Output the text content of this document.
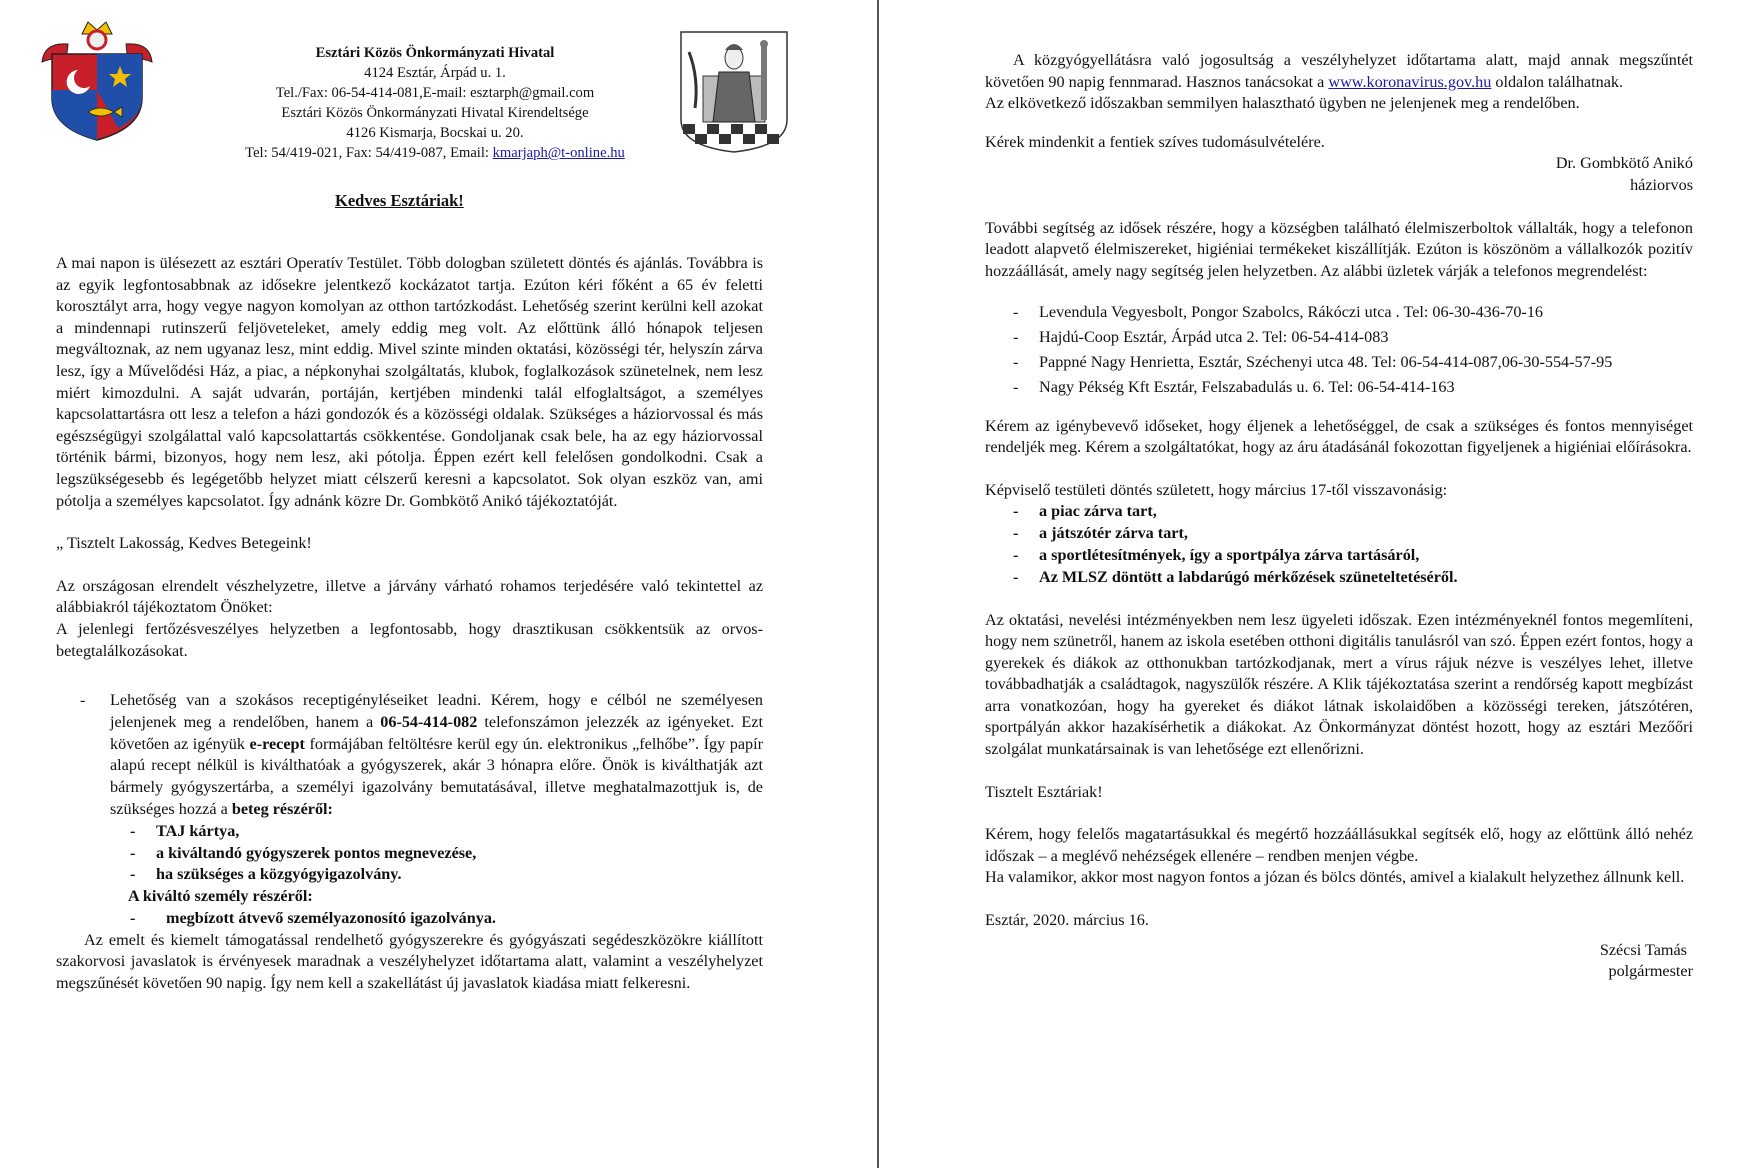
Esztári Közös Önkormányzati Hivatal
4124 Esztár, Árpád u. 1.
Tel./Fax: 06-54-414-081,E-mail: esztarph@gmail.com
Esztári Közös Önkormányzati Hivatal Kirendeltsége
4126 Kismarja, Bocskai u. 20.
Tel: 54/419-021, Fax: 54/419-087, Email: kmarjaph@t-online.hu
Kedves Esztáriak!

A mai napon is ülésezett az esztári Operatív Testület. Több dologban született döntés és ajánlás. Továbbra is az egyik legfontosabbnak az idősekre jelentkező kockázatot tartja. Ezúton kéri főként a 65 év feletti korosztályt arra, hogy vegye nagyon komolyan az otthon tartózkodást. Lehetőség szerint kerülni kell azokat a mindennapi rutinszerű feljöveteleket, amely eddig meg volt. Az előttünk álló hónapok teljesen megváltoznak, az nem ugyanaz lesz, mint eddig. Mivel szinte minden oktatási, közösségi tér, helyszín zárva lesz, így a Művelődési Ház, a piac, a népkonyhai szolgáltatás, klubok, foglalkozások szünetelnek, nem lesz miért kimozdulni. A saját udvarán, portáján, kertjében mindenki talál elfoglaltságot, a személyes kapcsolattartásra ott lesz a telefon a házi gondozók és a közösségi oldalak. Szükséges a háziorvossal és más egészségügyi szolgálattal való kapcsolattartás csökkentése. Gondoljanak csak bele, ha az egy háziorvossal történik bármi, bizonyos, hogy nem lesz, aki pótolja. Éppen ezért kell felelősen gondolkodni. Csak a legszükségesebb és legégetőbb helyzet miatt célszerű keresni a kapcsolatot. Sok olyan eszköz van, ami pótolja a személyes kapcsolatot. Így adnánk közre Dr. Gombkötő Anikó tájékoztatóját.

„ Tisztelt Lakosság, Kedves Betegeink!

Az országosan elrendelt vészhelyzetre, illetve a járvány várható rohamos terjedésére való tekintettel az alábbiakról tájékoztatom Önöket:

A jelenlegi fertőzésveszélyes helyzetben a legfontosabb, hogy drasztikusan csökkentsük az orvos-betegtalálkozásokat.

- Lehetőség van a szokásos receptigényléseiket leadni. Kérem, hogy e célból ne személyesen jelenjenek meg a rendelőben, hanem a 06-54-414-082 telefonszámon jelezzék az igényeket. Ezt követően az igényük e-recept formájában feltöltésre kerül egy ún. elektronikus „felhőbe”. Így papír alapú recept nélkül is kiválthatóak a gyógyszerek, akár 3 hónapra előre. Önök is kiválthatják azt bármely gyógyszertárba, a személyi igazolvány bemutatásával, illetve meghatalmazottjuk is, de szükséges hozzá a beteg részéről:
- TAJ kártya,
- a kiváltandó gyógyszerek pontos megnevezése,
- ha szükséges a közgyógyigazolvány.

A kiváltó személy részéről:

- megbízott átvevő személyazonosító igazolványa.

Az emelt és kiemelt támogatással rendelhető gyógyszerekre és gyógyászati segédeszközökre kiállított szakorvosi javaslatok is érvényesek maradnak a veszélyhelyzet időtartama alatt, valamint a veszélyhelyzet megszűnését követően 90 napig. Így nem kell a szakellátást új javaslatok kiadása miatt felkeresni.

A közgyógyellátásra való jogosultság a veszélyhelyzet időtartama alatt, majd annak megszűntét követően 90 napig fennmarad. Hasznos tanácsokat a www.koronavirus.gov.hu oldalon találhatnak.

Az elkövetkező időszakban semmilyen halasztható ügyben ne jelenjenek meg a rendelőben.

Kérek mindenkit a fentiek szíves tudomásulvételére.

Dr. Gombkötő Anikó

háziorvos

További segítség az idősek részére, hogy a községben található élelmiszerboltok vállalták, hogy a telefonon leadott alapvető élelmiszereket, higiéniai termékeket kiszállítják. Ezúton is köszönöm a vállalkozók pozitív hozzáállását, amely nagy segítség jelen helyzetben. Az alábbi üzletek várják a telefonos megrendelést:

- Levendula Vegyesbolt, Pongor Szabolcs, Rákóczi utca . Tel: 06-30-436-70-16
- Hajdú-Coop Esztár, Árpád utca 2. Tel: 06-54-414-083
- Pappné Nagy Henrietta, Esztár, Széchenyi utca 48. Tel: 06-54-414-087,06-30-554-57-95
- Nagy Pékség Kft Esztár, Felszabadulás u. 6. Tel: 06-54-414-163

Kérem az igénybevevő időseket, hogy éljenek a lehetőséggel, de csak a szükséges és fontos mennyiséget rendeljék meg. Kérem a szolgáltatókat, hogy az áru átadásánál fokozottan figyeljenek a higiéniai előírásokra.

Képviselő testületi döntés született, hogy március 17-től visszavonásig:

- a piac zárva tart,
- a játszótér zárva tart,
- a sportlétesítmények, így a sportpálya zárva tartásáról,
- Az MLSZ döntött a labdarúgó mérkőzések szüneteltetéséről.

Az oktatási, nevelési intézményekben nem lesz ügyeleti időszak. Ezen intézményeknél fontos megemlíteni, hogy nem szünetről, hanem az iskola esetében otthoni digitális tanulásról van szó. Éppen ezért fontos, hogy a gyerekek és diákok az otthonukban tartózkodjanak, mert a vírus rájuk nézve is veszélyes lehet, illetve továbbadhatják a családtagok, nagyszülők részére. A Klik tájékoztatása szerint a rendőrség kapott megbízást arra vonatkozóan, hogy ha gyereket és diákot látnak iskolaidőben a közösségi tereken, játszótéren, sportpályán akkor hazakísérhetik a diákokat. Az Önkormányzat döntést hozott, hogy az esztári Mezőőri szolgálat munkatársainak is van lehetősége ezt ellenőrizni.

Tisztelt Esztáriak!

Kérem, hogy felelős magatartásukkal és megértő hozzáállásukkal segítsék elő, hogy az előttünk álló nehéz időszak – a meglévő nehézségek ellenére – rendben menjen végbe.

Ha valamikor, akkor most nagyon fontos a józan és bölcs döntés, amivel a kialakult helyzethez állnunk kell.

Esztár, 2020. március 16.

Szécsi Tamás

polgármester
